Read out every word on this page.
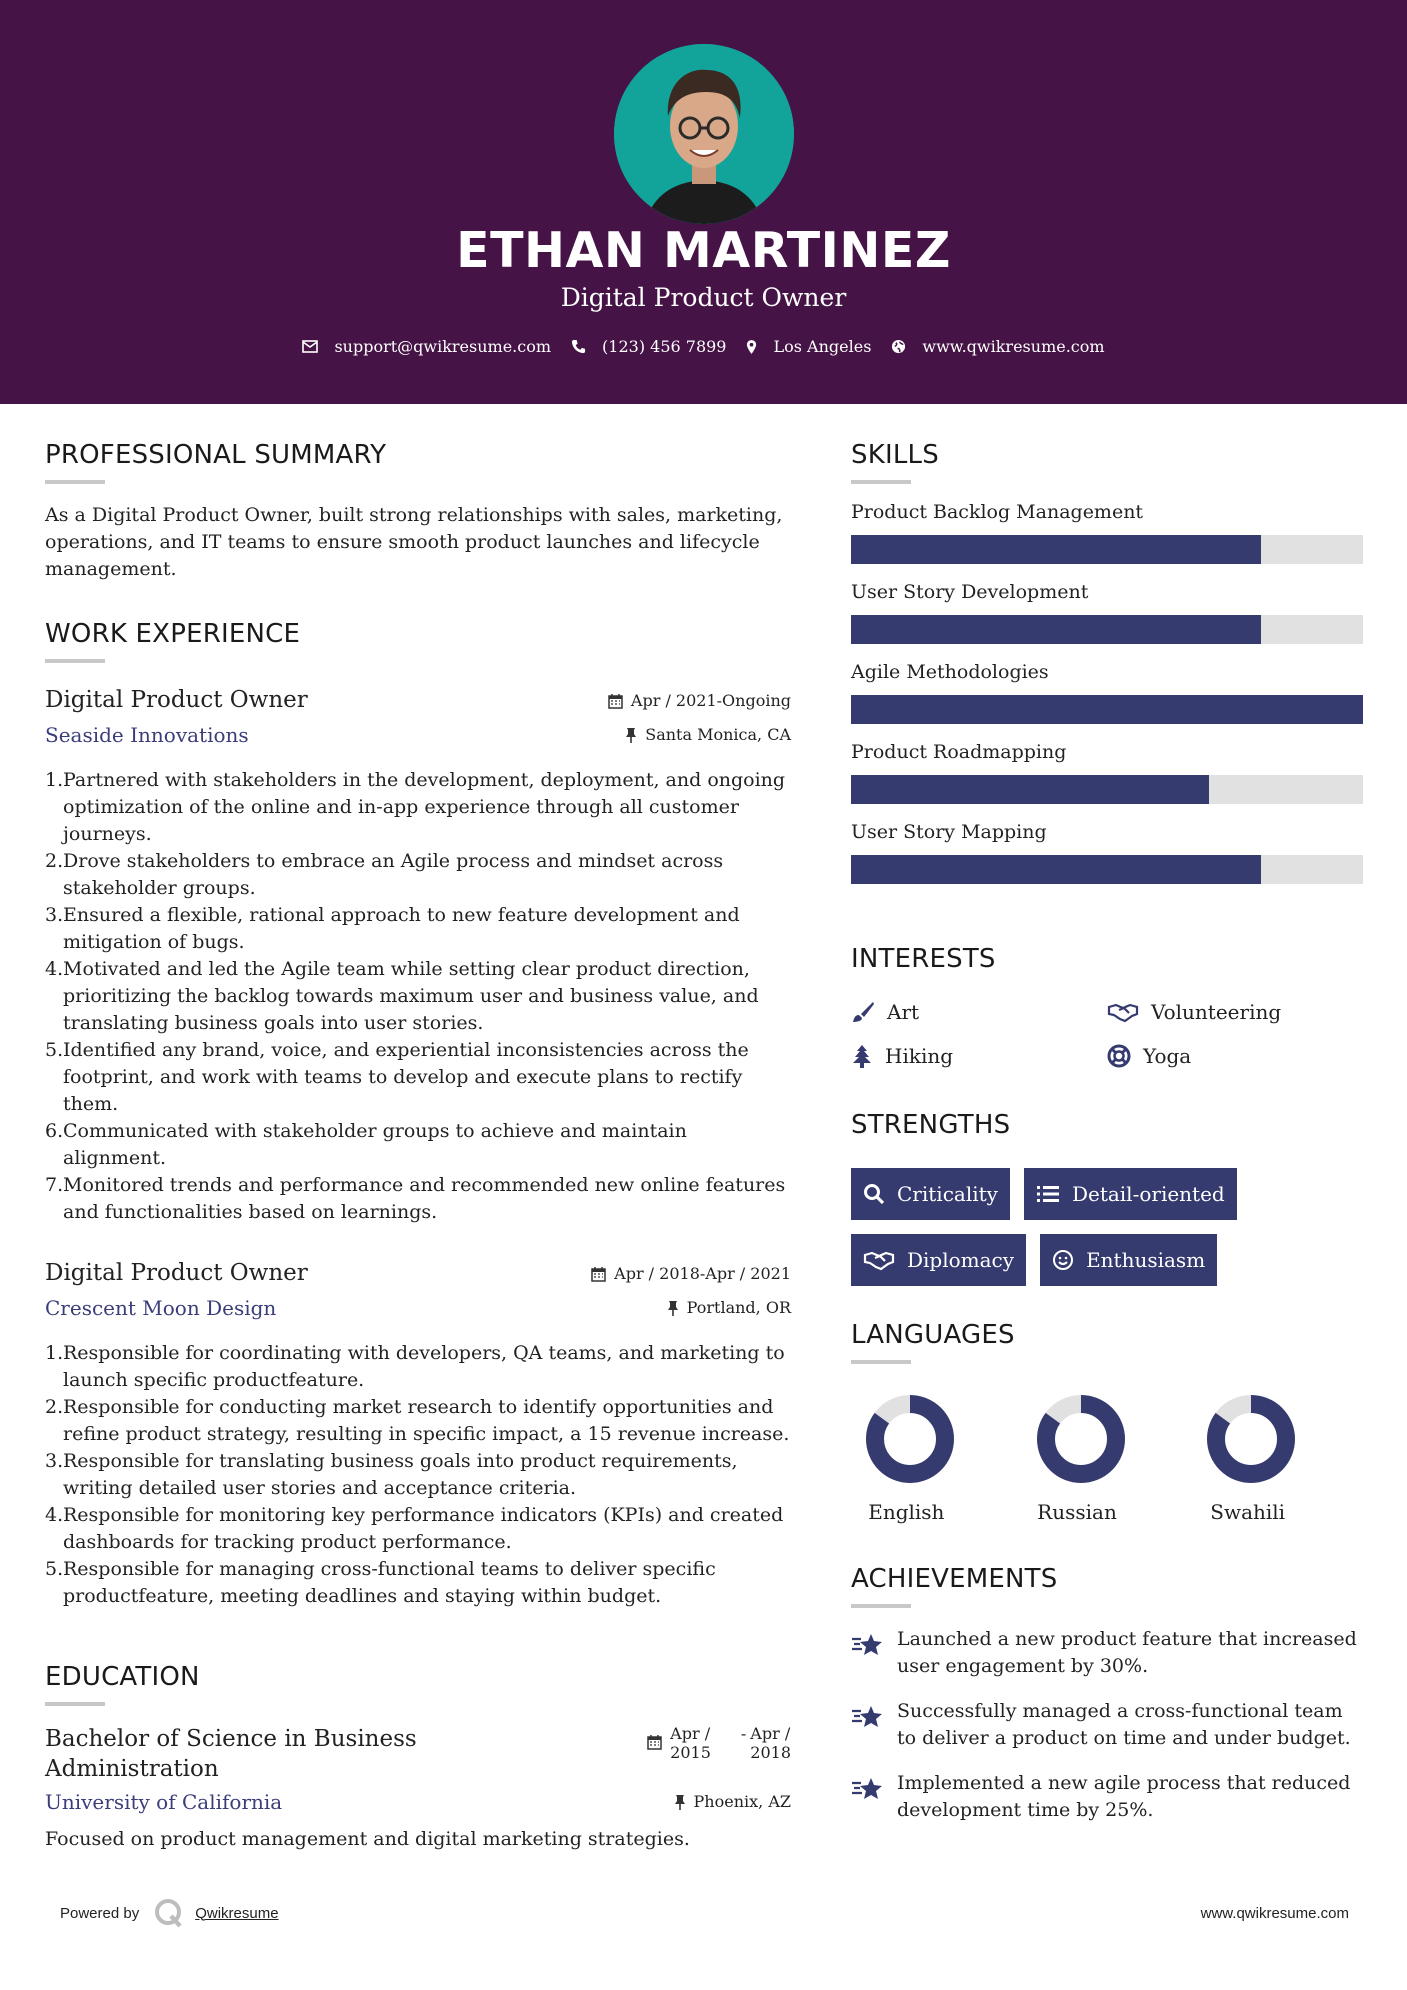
ETHAN MARTINEZ
Digital Product Owner
support@qwikresume.com	(123) 456 7899	Los Angeles	www.qwikresume.com
PROFESSIONAL SUMMARY
As a Digital Product Owner, built strong relationships with sales, marketing, operations, and IT teams to ensure smooth product launches and lifecycle management.
WORK EXPERIENCE
Digital Product Owner	Apr / 2021-Ongoing
Seaside Innovations	Santa Monica, CA
1. Partnered with stakeholders in the development, deployment, and ongoing optimization of the online and in-app experience through all customer journeys.
2. Drove stakeholders to embrace an Agile process and mindset across stakeholder groups.
3. Ensured a flexible, rational approach to new feature development and mitigation of bugs.
4. Motivated and led the Agile team while setting clear product direction, prioritizing the backlog towards maximum user and business value, and translating business goals into user stories.
5. Identified any brand, voice, and experiential inconsistencies across the footprint, and work with teams to develop and execute plans to rectify them.
6. Communicated with stakeholder groups to achieve and maintain alignment.
7. Monitored trends and performance and recommended new online features and functionalities based on learnings.
Digital Product Owner	Apr / 2018-Apr / 2021
Crescent Moon Design	Portland, OR
1. Responsible for coordinating with developers, QA teams, and marketing to launch specific productfeature.
2. Responsible for conducting market research to identify opportunities and refine product strategy, resulting in specific impact, a 15 revenue increase.
3. Responsible for translating business goals into product requirements, writing detailed user stories and acceptance criteria.
4. Responsible for monitoring key performance indicators (KPIs) and created dashboards for tracking product performance.
5. Responsible for managing cross-functional teams to deliver specific productfeature, meeting deadlines and staying within budget.
EDUCATION
Bachelor of Science in Business
Administration
Apr /
2015
- Apr /
2018
University of California	Phoenix, AZ
Focused on product management and digital marketing strategies.
SKILLS
Product Backlog Management
User Story Development
Agile Methodologies
Product Roadmapping
User Story Mapping
INTERESTS
Art	Volunteering
Hiking	Yoga
STRENGTHS
Criticality	Detail-oriented
Diplomacy	Enthusiasm
LANGUAGES
English	Russian	Swahili
ACHIEVEMENTS
Launched a new product feature that increased user engagement by 30%.
Successfully managed a cross-functional team to deliver a product on time and under budget.
Implemented a new agile process that reduced development time by 25%.
Powered by	Qwikresume	www.qwikresume.com
